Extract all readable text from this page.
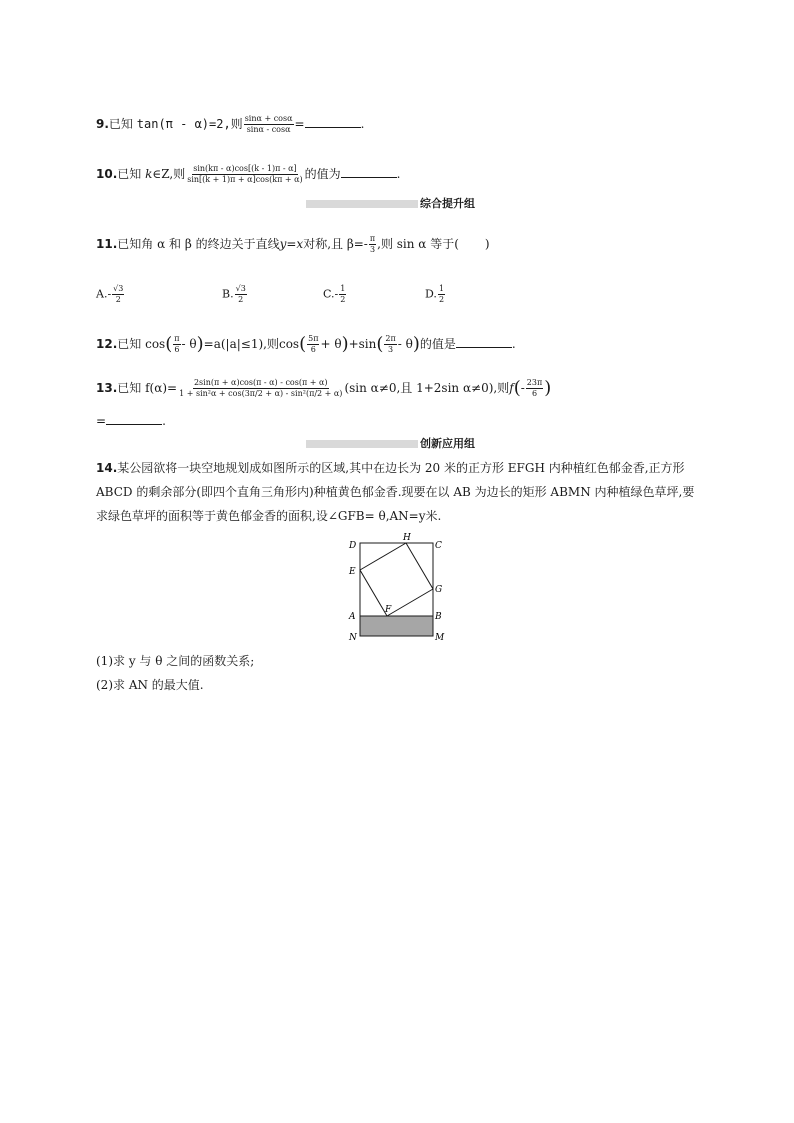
9.已知 tan(π - α)=2,则 $\frac{\sin\alpha + \cos\alpha}{\sin\alpha - \cos\alpha}$ =	.
10.已知 k∈Z,则 $\frac{\sin(k\pi - \alpha)\cos[(k - 1)\pi - \alpha]}{\sin[(k + 1)\pi + \alpha]\cos(k\pi + \alpha)}$ 的值为	.
综合提升组
11.已知角 α 和 β 的终边关于直线y=x对称,且 $\beta=- \frac{\pi}{3}$ ,则 sin α 等于( )
$A.- \frac{√3}{2}$	B. $\frac{√3}{2}$	$C.- \frac{1}{2}$	D. $\frac{1}{2}$
12.已知 $\cos( \frac{\pi}{6} - \theta)=a(|a|\le 1)$,则$\cos( \frac{5\pi}{6} + \theta)+\sin( \frac{2\pi}{3} - \theta)$的值是	.
13.已知 $f(\alpha)= \frac{2\sin(\pi + \alpha)\cos(\pi - \alpha) - \cos(\pi + \alpha)}{\text{1 + sin²α + cos(3π/2 + α) - sin²(π/2 + α)}} (\sin$ α≠0,且 1+2sin α≠0),则$f(- \frac{23\pi}{6}$ )
=	.
创新应用组
14.某公园欲将一块空地规划成如图所示的区域,其中在边长为 20 米的正方形 EFGH 内种植红色郁金香,正方形 ABCD 的剩余部分(即四个直角三角形内)种植黄色郁金香.现要在以 AB 为边长的矩形 ABMN 内种植绿色草坪,要求绿色草坪的面积等于黄色郁金香的面积,设∠GFB= θ,AN=y米.
D
H
C
E
G
A
F
B
N	M
(1)求 y 与 θ 之间的函数关系;
(2)求 AN 的最大值.
